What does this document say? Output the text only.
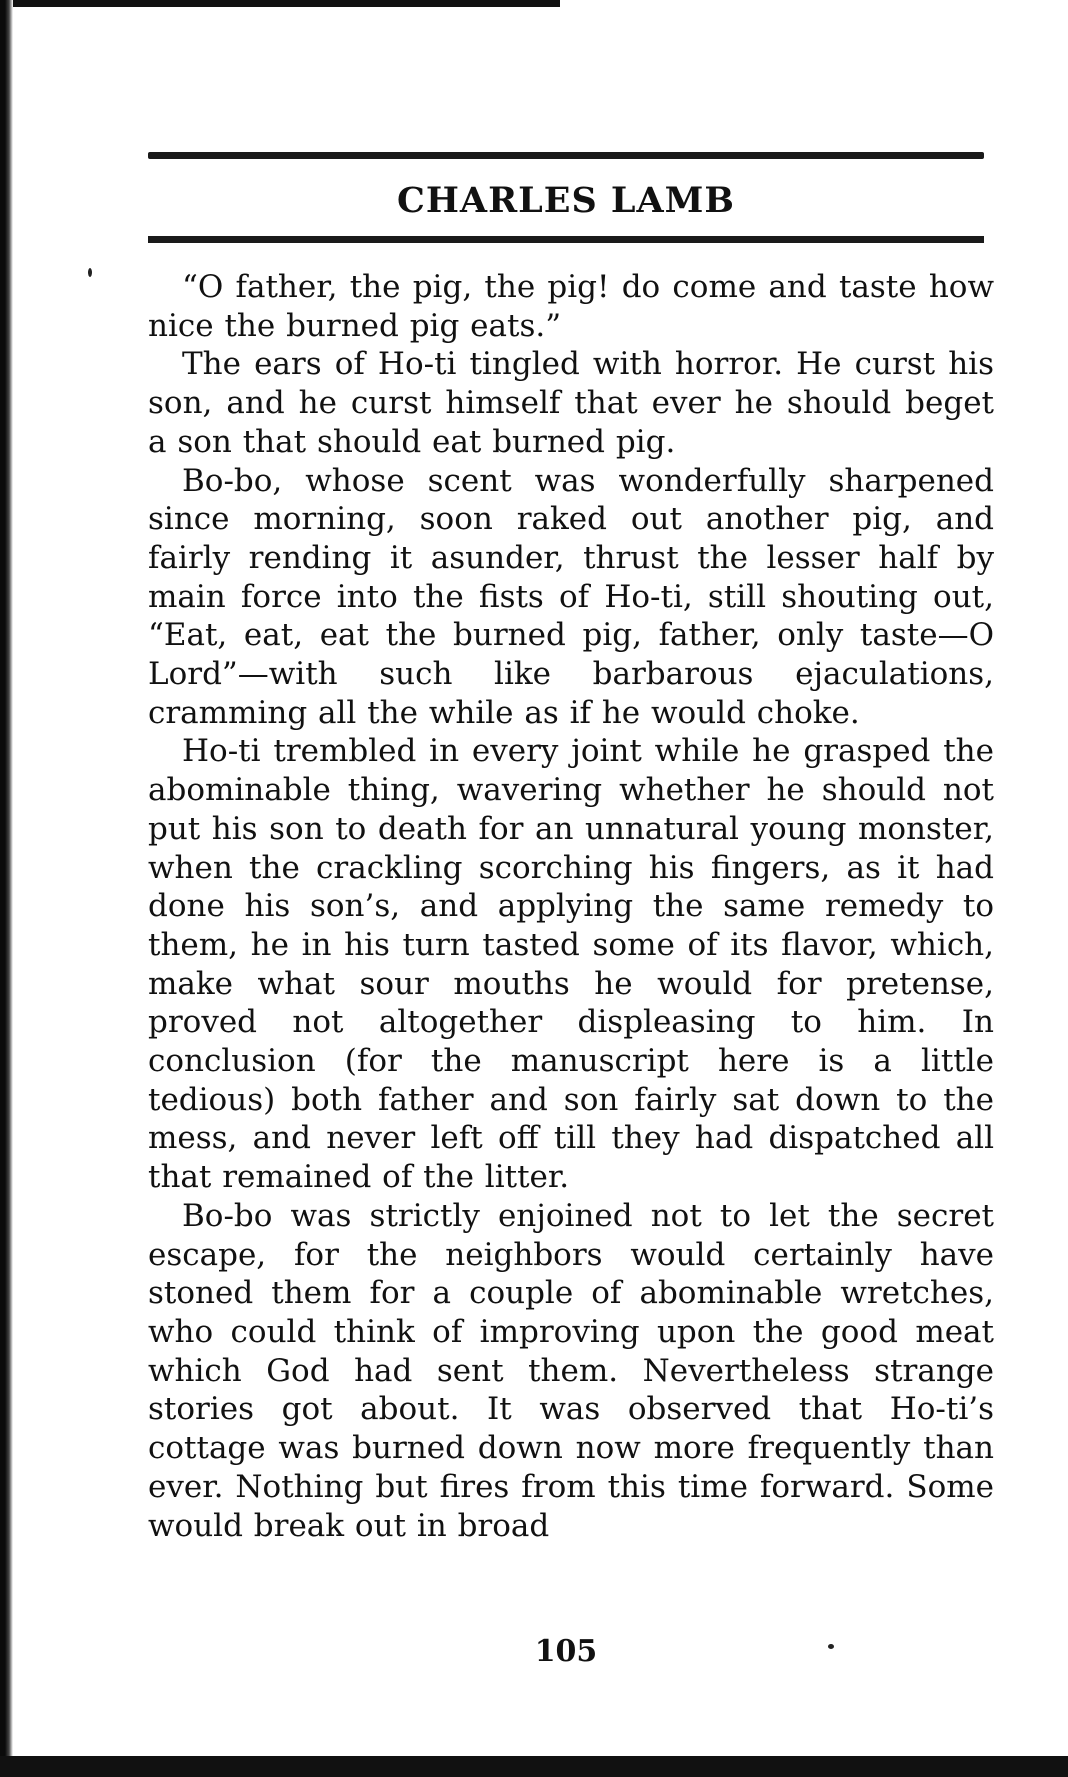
CHARLES LAMB

“O father, the pig, the pig! do come and taste how nice the burned pig eats.”

The ears of Ho-ti tingled with horror. He curst his son, and he curst himself that ever he should beget a son that should eat burned pig.

Bo-bo, whose scent was wonderfully sharpened since morning, soon raked out another pig, and fairly rending it asunder, thrust the lesser half by main force into the fists of Ho-ti, still shouting out, “Eat, eat, eat the burned pig, father, only taste—O Lord”—with such like barbarous ejaculations, cramming all the while as if he would choke.

Ho-ti trembled in every joint while he grasped the abominable thing, wavering whether he should not put his son to death for an unnatural young monster, when the crackling scorching his fingers, as it had done his son’s, and applying the same remedy to them, he in his turn tasted some of its flavor, which, make what sour mouths he would for pretense, proved not altogether displeasing to him. In conclusion (for the manuscript here is a little tedious) both father and son fairly sat down to the mess, and never left off till they had dispatched all that remained of the litter.

Bo-bo was strictly enjoined not to let the secret escape, for the neighbors would certainly have stoned them for a couple of abominable wretches, who could think of improving upon the good meat which God had sent them. Nevertheless strange stories got about. It was observed that Ho-ti’s cottage was burned down now more frequently than ever. Nothing but fires from this time forward. Some would break out in broad

105
